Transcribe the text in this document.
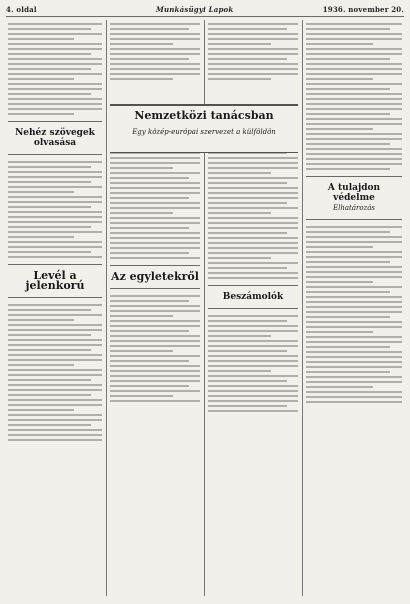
4. oldal	Munkásügyi Lapok	1936. november 20.
Nehéz szövegek olvasása
Levél a jelenkorú
Az egyletekről
Beszámolók
A tulajdon védelme
Elhatározás
Nemzetközi tanácsban
Egy közép-európai szervezet a külföldön
